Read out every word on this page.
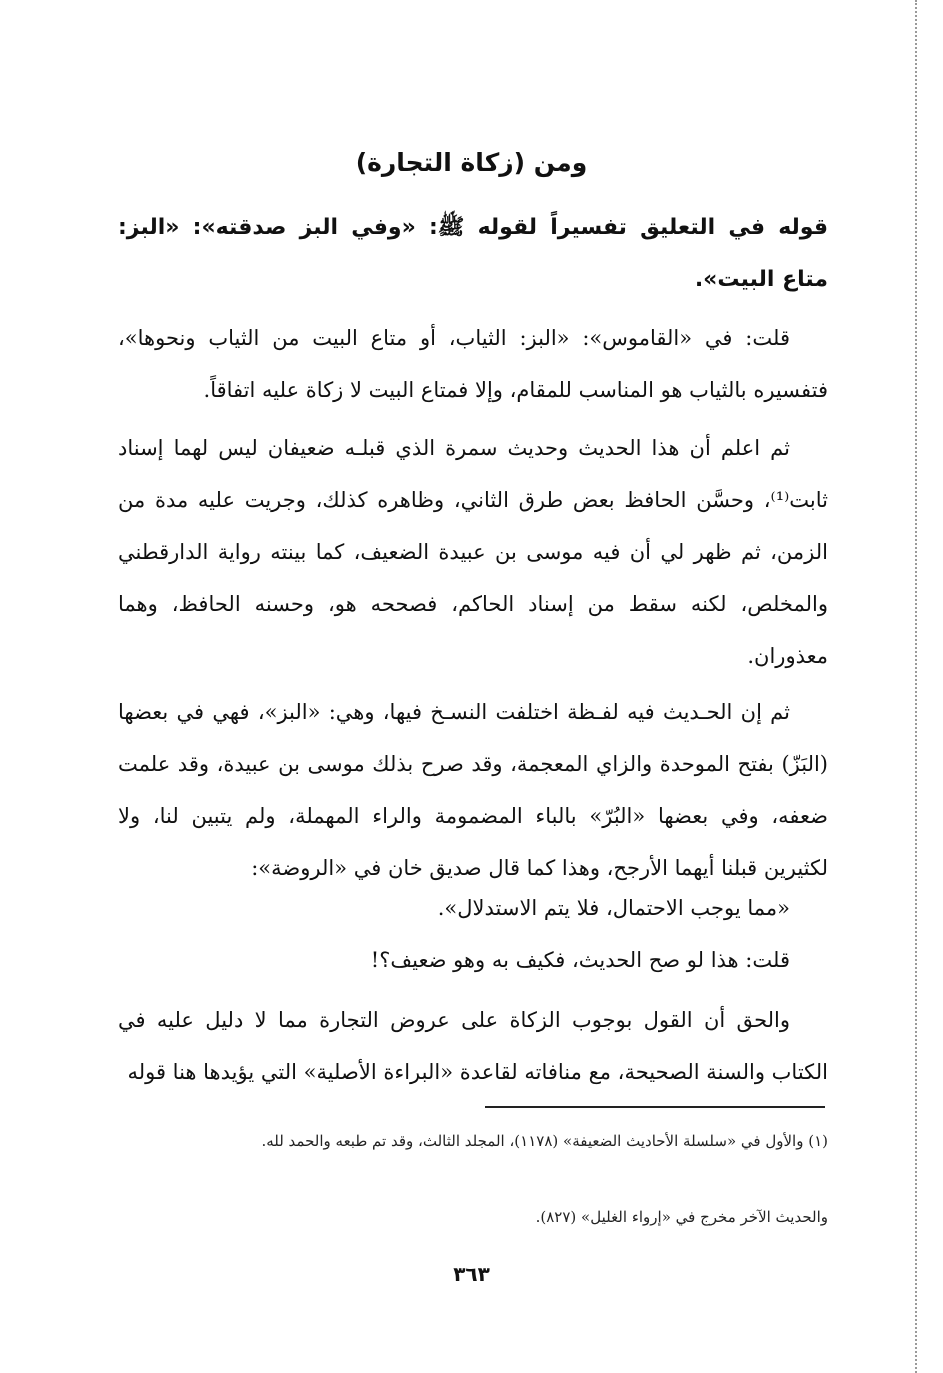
ومن (زكاة التجارة)
قوله في التعليق تفسيراً لقوله ﷺ: «وفي البز صدقته»: «البز: متاع البيت».
قلت: في «القاموس»: «البز: الثياب، أو متاع البيت من الثياب ونحوها»، فتفسيره بالثياب هو المناسب للمقام، وإلا فمتاع البيت لا زكاة عليه اتفاقاً.
ثم اعلم أن هذا الحديث وحديث سمرة الذي قبلـه ضعيفان ليس لهما إسناد ثابت⁽¹⁾، وحسَّن الحافظ بعض طرق الثاني، وظاهره كذلك، وجريت عليه مدة من الزمن، ثم ظهر لي أن فيه موسى بن عبيدة الضعيف، كما بينته رواية الدارقطني والمخلص، لكنه سقط من إسناد الحاكم، فصححه هو، وحسنه الحافظ، وهما معذوران.
ثم إن الحـديث فيه لفـظة اختلفت النسـخ فيها، وهي: «البز»، فهي في بعضها (البَزّ) بفتح الموحدة والزاي المعجمة، وقد صرح بذلك موسى بن عبيدة، وقد علمت ضعفه، وفي بعضها «البُرّ» بالباء المضمومة والراء المهملة، ولم يتبين لنا، ولا لكثيرين قبلنا أيهما الأرجح، وهذا كما قال صديق خان في «الروضة»:
«مما يوجب الاحتمال، فلا يتم الاستدلال».
قلت: هذا لو صح الحديث، فكيف به وهو ضعيف؟!
والحق أن القول بوجوب الزكاة على عروض التجارة مما لا دليل عليه في الكتاب والسنة الصحيحة، مع منافاته لقاعدة «البراءة الأصلية» التي يؤيدها هنا قوله
(١) والأول في «سلسلة الأحاديث الضعيفة» (١١٧٨)، المجلد الثالث، وقد تم طبعه والحمد لله.
والحديث الآخر مخرج في «إرواء الغليل» (٨٢٧).
٣٦٣
